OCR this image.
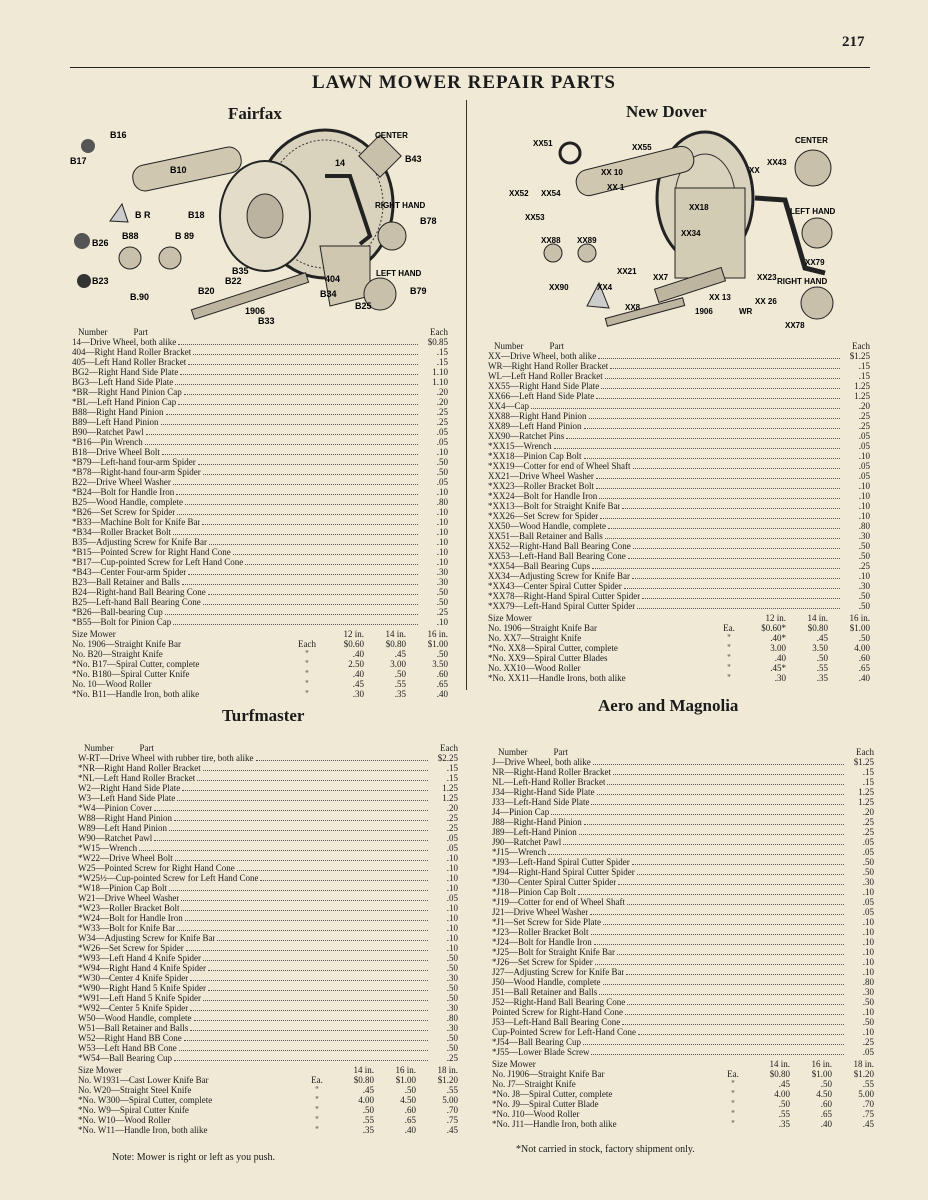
217
LAWN MOWER REPAIR PARTS
Fairfax
B16
B17
B10
14
CENTER
B43
RIGHT HAND
B78
B R	B18
B26
B88	B 89
B23
B.90
B35
B22
B20
1906
B33
404
B34
LEFT HAND
B25
B79
Number	Part	Each
14—Drive Wheel, both alike	$0.85
404—Right Hand Roller Bracket	.15
405—Left Hand Roller Bracket	.15
BG2—Right Hand Side Plate	1.10
BG3—Left Hand Side Plate	1.10
*BR—Right Hand Pinion Cap	.20
*BL—Left Hand Pinion Cap	.20
B88—Right Hand Pinion	.25
B89—Left Hand Pinion	.25
B90—Ratchet Pawl	.05
*B16—Pin Wrench	.05
B18—Drive Wheel Bolt	.10
*B79—Left-hand four-arm Spider	.50
*B78—Right-hand four-arm Spider	.50
B22—Drive Wheel Washer	.05
*B24—Bolt for Handle Iron	.10
B25—Wood Handle, complete	.80
*B26—Set Screw for Spider	.10
*B33—Machine Bolt for Knife Bar	.10
*B34—Roller Bracket Bolt	.10
B35—Adjusting Screw for Knife Bar	.10
*B15—Pointed Screw for Right Hand Cone	.10
*B17—Cup-pointed Screw for Left Hand Cone	.10
*B43—Center Four-arm Spider	.30
B23—Ball Retainer and Balls	.30
B24—Right-hand Ball Bearing Cone	.50
B25—Left-hand Ball Bearing Cone	.50
*B26—Ball-bearing Cup	.25
*B55—Bolt for Pinion Cap	.10
Size Mower	12 in.	14 in.	16 in.
No. 1906—Straight Knife Bar	Each	$0.60	$0.80	$1.00
No. B20—Straight Knife	"	.40	.45	.50
*No. B17—Spiral Cutter, complete	"	2.50	3.00	3.50
*No. B180—Spiral Cutter Knife	"	.40	.50	.60
No. 10—Wood Roller	"	.45	.55	.65
*No. B11—Handle Iron, both alike	"	.30	.35	.40
New Dover
XX51	XX55
CENTER
XX 10
XX43
XX 1
XX52 XX54
XX53
XX18
XX
LEFT HAND
XX88 XX89
XX34
XX79
XX21
XX7	XX23 RIGHT HAND
XX90	XX4
XX 13	XX 26
XX8	1906	WR
XX78
Number	Part	Each
XX—Drive Wheel, both alike	$1.25
WR—Right Hand Roller Bracket	.15
WL—Left Hand Roller Bracket	.15
XX55—Right Hand Side Plate	1.25
XX66—Left Hand Side Plate	1.25
XX4—Cap	.20
XX88—Right Hand Pinion	.25
XX89—Left Hand Pinion	.25
XX90—Ratchet Pins	.05
*XX15—Wrench	.05
*XX18—Pinion Cap Bolt	.10
*XX19—Cotter for end of Wheel Shaft	.05
XX21—Drive Wheel Washer	.05
*XX23—Roller Bracket Bolt	.10
*XX24—Bolt for Handle Iron	.10
*XX13—Bolt for Straight Knife Bar	.10
*XX26—Set Screw for Spider	.10
XX50—Wood Handle, complete	.80
XX51—Ball Retainer and Balls	.30
XX52—Right-Hand Ball Bearing Cone	.50
XX53—Left-Hand Ball Bearing Cone	.50
*XX54—Ball Bearing Cups	.25
XX34—Adjusting Screw for Knife Bar	.10
*XX43—Center Spiral Cutter Spider	.30
*XX78—Right-Hand Spiral Cutter Spider	.50
*XX79—Left-Hand Spiral Cutter Spider	.50
Size Mower	12 in.	14 in.	16 in.
No. 1906—Straight Knife Bar	Ea.	$0.60*	$0.80	$1.00
No. XX7—Straight Knife	"	.40*	.45	.50
*No. XX8—Spiral Cutter, complete	"	3.00	3.50	4.00
*No. XX9—Spiral Cutter Blades	"	.40	.50	.60
No. XX10—Wood Roller	"	.45*	.55	.65
*No. XX11—Handle Irons, both alike	"	.30	.35	.40
Turfmaster
Number	Part	Each
W-RT—Drive Wheel with rubber tire, both alike	$2.25
*NR—Right Hand Roller Bracket	.15
*NL—Left Hand Roller Bracket	.15
W2—Right Hand Side Plate	1.25
W3—Left Hand Side Plate	1.25
*W4—Pinion Cover	.20
W88—Right Hand Pinion	.25
W89—Left Hand Pinion	.25
W90—Ratchet Pawl	.05
*W15—Wrench	.05
*W22—Drive Wheel Bolt	.10
W25—Pointed Screw for Right Hand Cone	.10
*W25½—Cup-pointed Screw for Left Hand Cone	.10
*W18—Pinion Cap Bolt	.10
W21—Drive Wheel Washer	.05
*W23—Roller Bracket Bolt	.10
*W24—Bolt for Handle Iron	.10
*W33—Bolt for Knife Bar	.10
W34—Adjusting Screw for Knife Bar	.10
*W26—Set Screw for Spider	.10
*W93—Left Hand 4 Knife Spider	.50
*W94—Right Hand 4 Knife Spider	.50
*W30—Center 4 Knife Spider	.30
*W90—Right Hand 5 Knife Spider	.50
*W91—Left Hand 5 Knife Spider	.50
*W92—Center 5 Knife Spider	.30
W50—Wood Handle, complete	.80
W51—Ball Retainer and Balls	.30
W52—Right Hand BB Cone	.50
W53—Left Hand BB Cone	.50
*W54—Ball Bearing Cup	.25
Size Mower	14 in.	16 in.	18 in.
No. W1931—Cast Lower Knife Bar	Ea.	$0.80	$1.00	$1.20
No. W20—Straight Steel Knife	"	.45	.50	.55
*No. W300—Spiral Cutter, complete	"	4.00	4.50	5.00
*No. W9—Spiral Cutter Knife	"	.50	.60	.70
*No. W10—Wood Roller	"	.55	.65	.75
*No. W11—Handle Iron, both alike	"	.35	.40	.45
Aero and Magnolia
Number	Part	Each
J—Drive Wheel, both alike	$1.25
NR—Right-Hand Roller Bracket	.15
NL—Left-Hand Roller Bracket	.15
J34—Right-Hand Side Plate	1.25
J33—Left-Hand Side Plate	1.25
J4—Pinion Cap	.20
J88—Right-Hand Pinion	.25
J89—Left-Hand Pinion	.25
J90—Ratchet Pawl	.05
*J15—Wrench	.05
*J93—Left-Hand Spiral Cutter Spider	.50
*J94—Right-Hand Spiral Cutter Spider	.50
*J30—Center Spiral Cutter Spider	.30
*J18—Pinion Cap Bolt	.10
*J19—Cotter for end of Wheel Shaft	.05
J21—Drive Wheel Washer	.05
*J1—Set Screw for Side Plate	.10
*J23—Roller Bracket Bolt	.10
*J24—Bolt for Handle Iron	.10
*J25—Bolt for Straight Knife Bar	.10
*J26—Set Screw for Spider	.10
J27—Adjusting Screw for Knife Bar	.10
J50—Wood Handle, complete	.80
J51—Ball Retainer and Balls	.30
J52—Right-Hand Ball Bearing Cone	.50
Pointed Screw for Right-Hand Cone	.10
J53—Left-Hand Ball Bearing Cone	.50
Cup-Pointed Screw for Left-Hand Cone	.10
*J54—Ball Bearing Cup	.25
*J55—Lower Blade Screw	.05
Size Mower	14 in.	16 in.	18 in.
No. J1906—Straight Knife Bar	Ea.	$0.80	$1.00	$1.20
No. J7—Straight Knife	"	.45	.50	.55
*No. J8—Spiral Cutter, complete	"	4.00	4.50	5.00
*No. J9—Spiral Cutter Blade	"	.50	.60	.70
*No. J10—Wood Roller	"	.55	.65	.75
*No. J11—Handle Iron, both alike	"	.35	.40	.45
Note: Mower is right or left as you push.
*Not carried in stock, factory shipment only.
